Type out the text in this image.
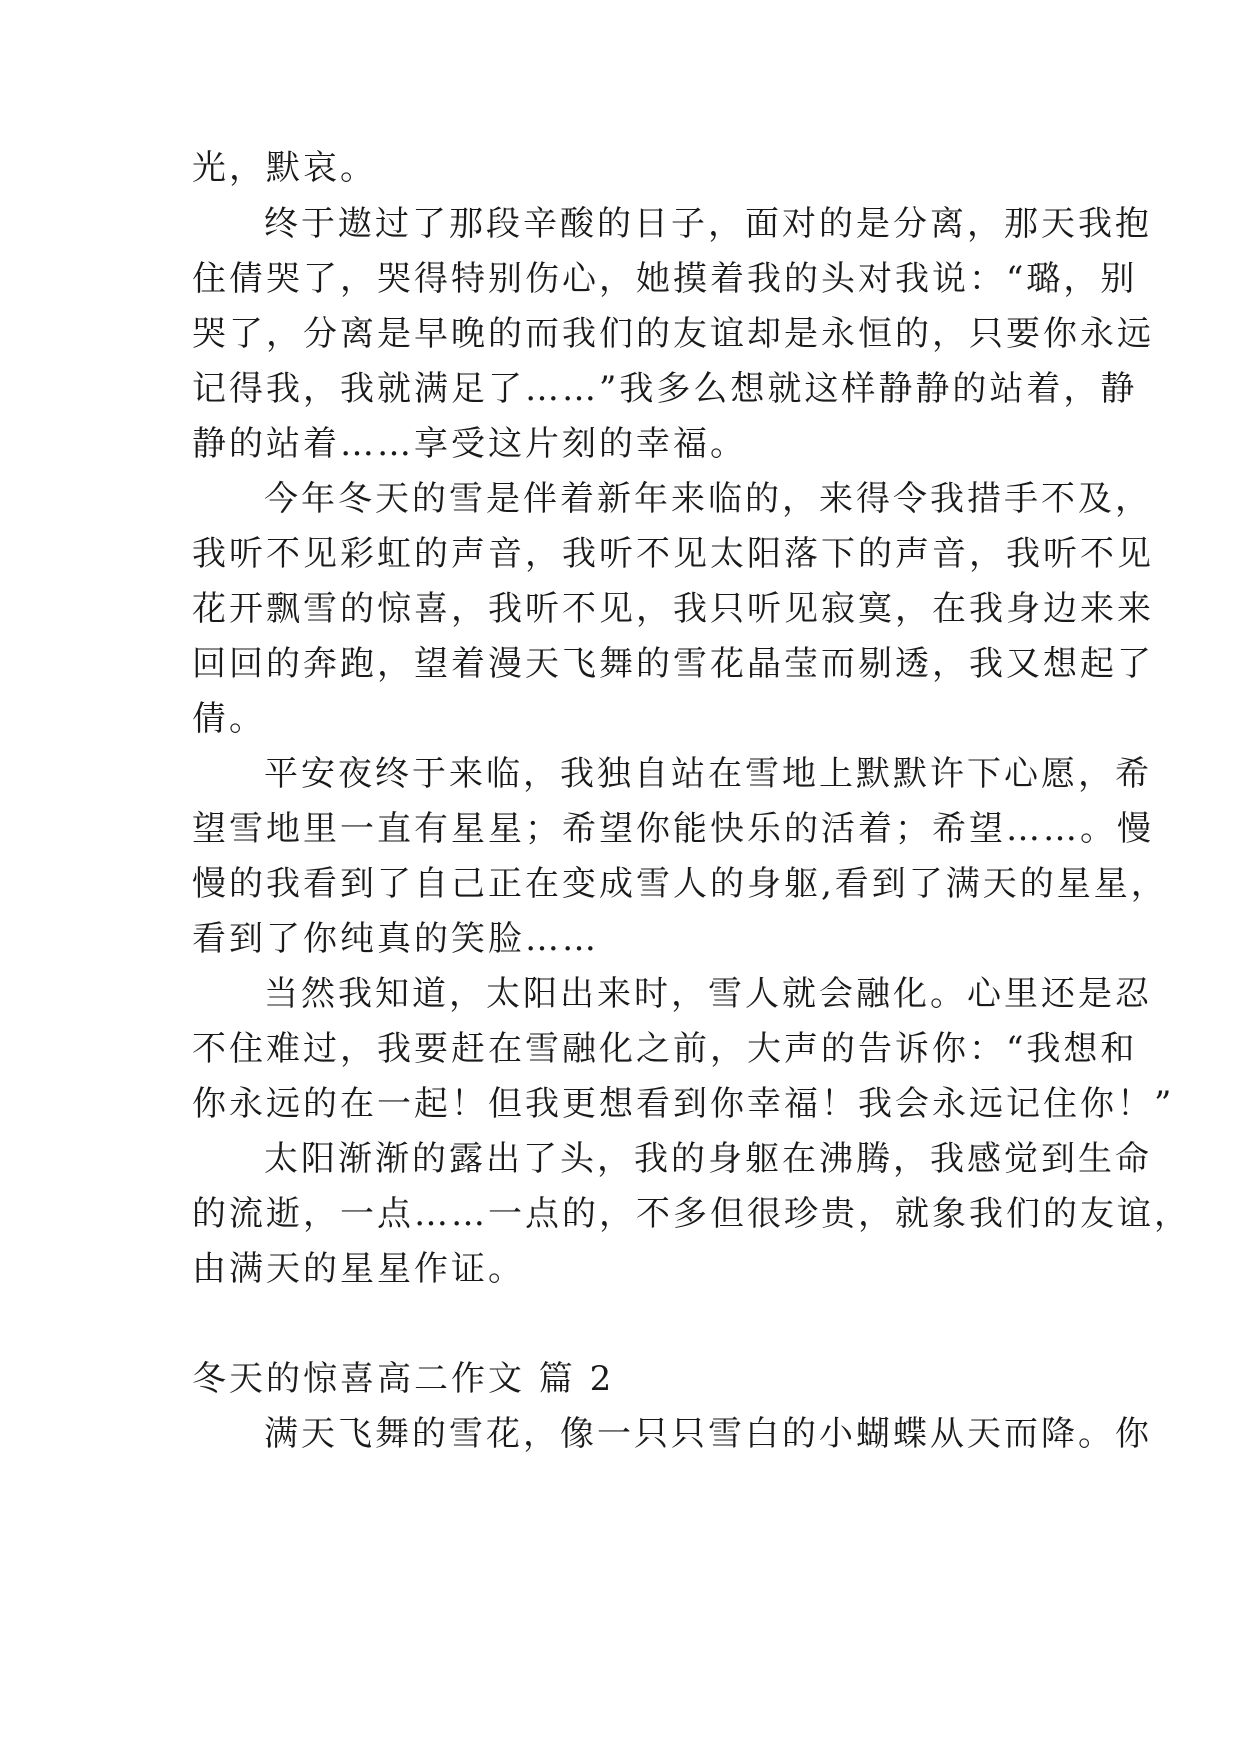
光，默哀。
终于遨过了那段辛酸的日子，面对的是分离，那天我抱
住倩哭了，哭得特别伤心，她摸着我的头对我说：“璐，别
哭了，分离是早晚的而我们的友谊却是永恒的，只要你永远
记得我，我就满足了……”我多么想就这样静静的站着，静
静的站着……享受这片刻的幸福。
今年冬天的雪是伴着新年来临的，来得令我措手不及，
我听不见彩虹的声音，我听不见太阳落下的声音，我听不见
花开飘雪的惊喜，我听不见，我只听见寂寞，在我身边来来
回回的奔跑，望着漫天飞舞的雪花晶莹而剔透，我又想起了
倩。
平安夜终于来临，我独自站在雪地上默默许下心愿，希
望雪地里一直有星星；希望你能快乐的活着；希望……。慢
慢的我看到了自己正在变成雪人的身躯,看到了满天的星星，
看到了你纯真的笑脸……
当然我知道，太阳出来时，雪人就会融化。心里还是忍
不住难过，我要赶在雪融化之前，大声的告诉你：“我想和
你永远的在一起！但我更想看到你幸福！我会永远记住你！”
太阳渐渐的露出了头，我的身躯在沸腾，我感觉到生命
的流逝，一点……一点的，不多但很珍贵，就象我们的友谊，
由满天的星星作证。
冬天的惊喜高二作文 篇 2
满天飞舞的雪花，像一只只雪白的小蝴蝶从天而降。你
